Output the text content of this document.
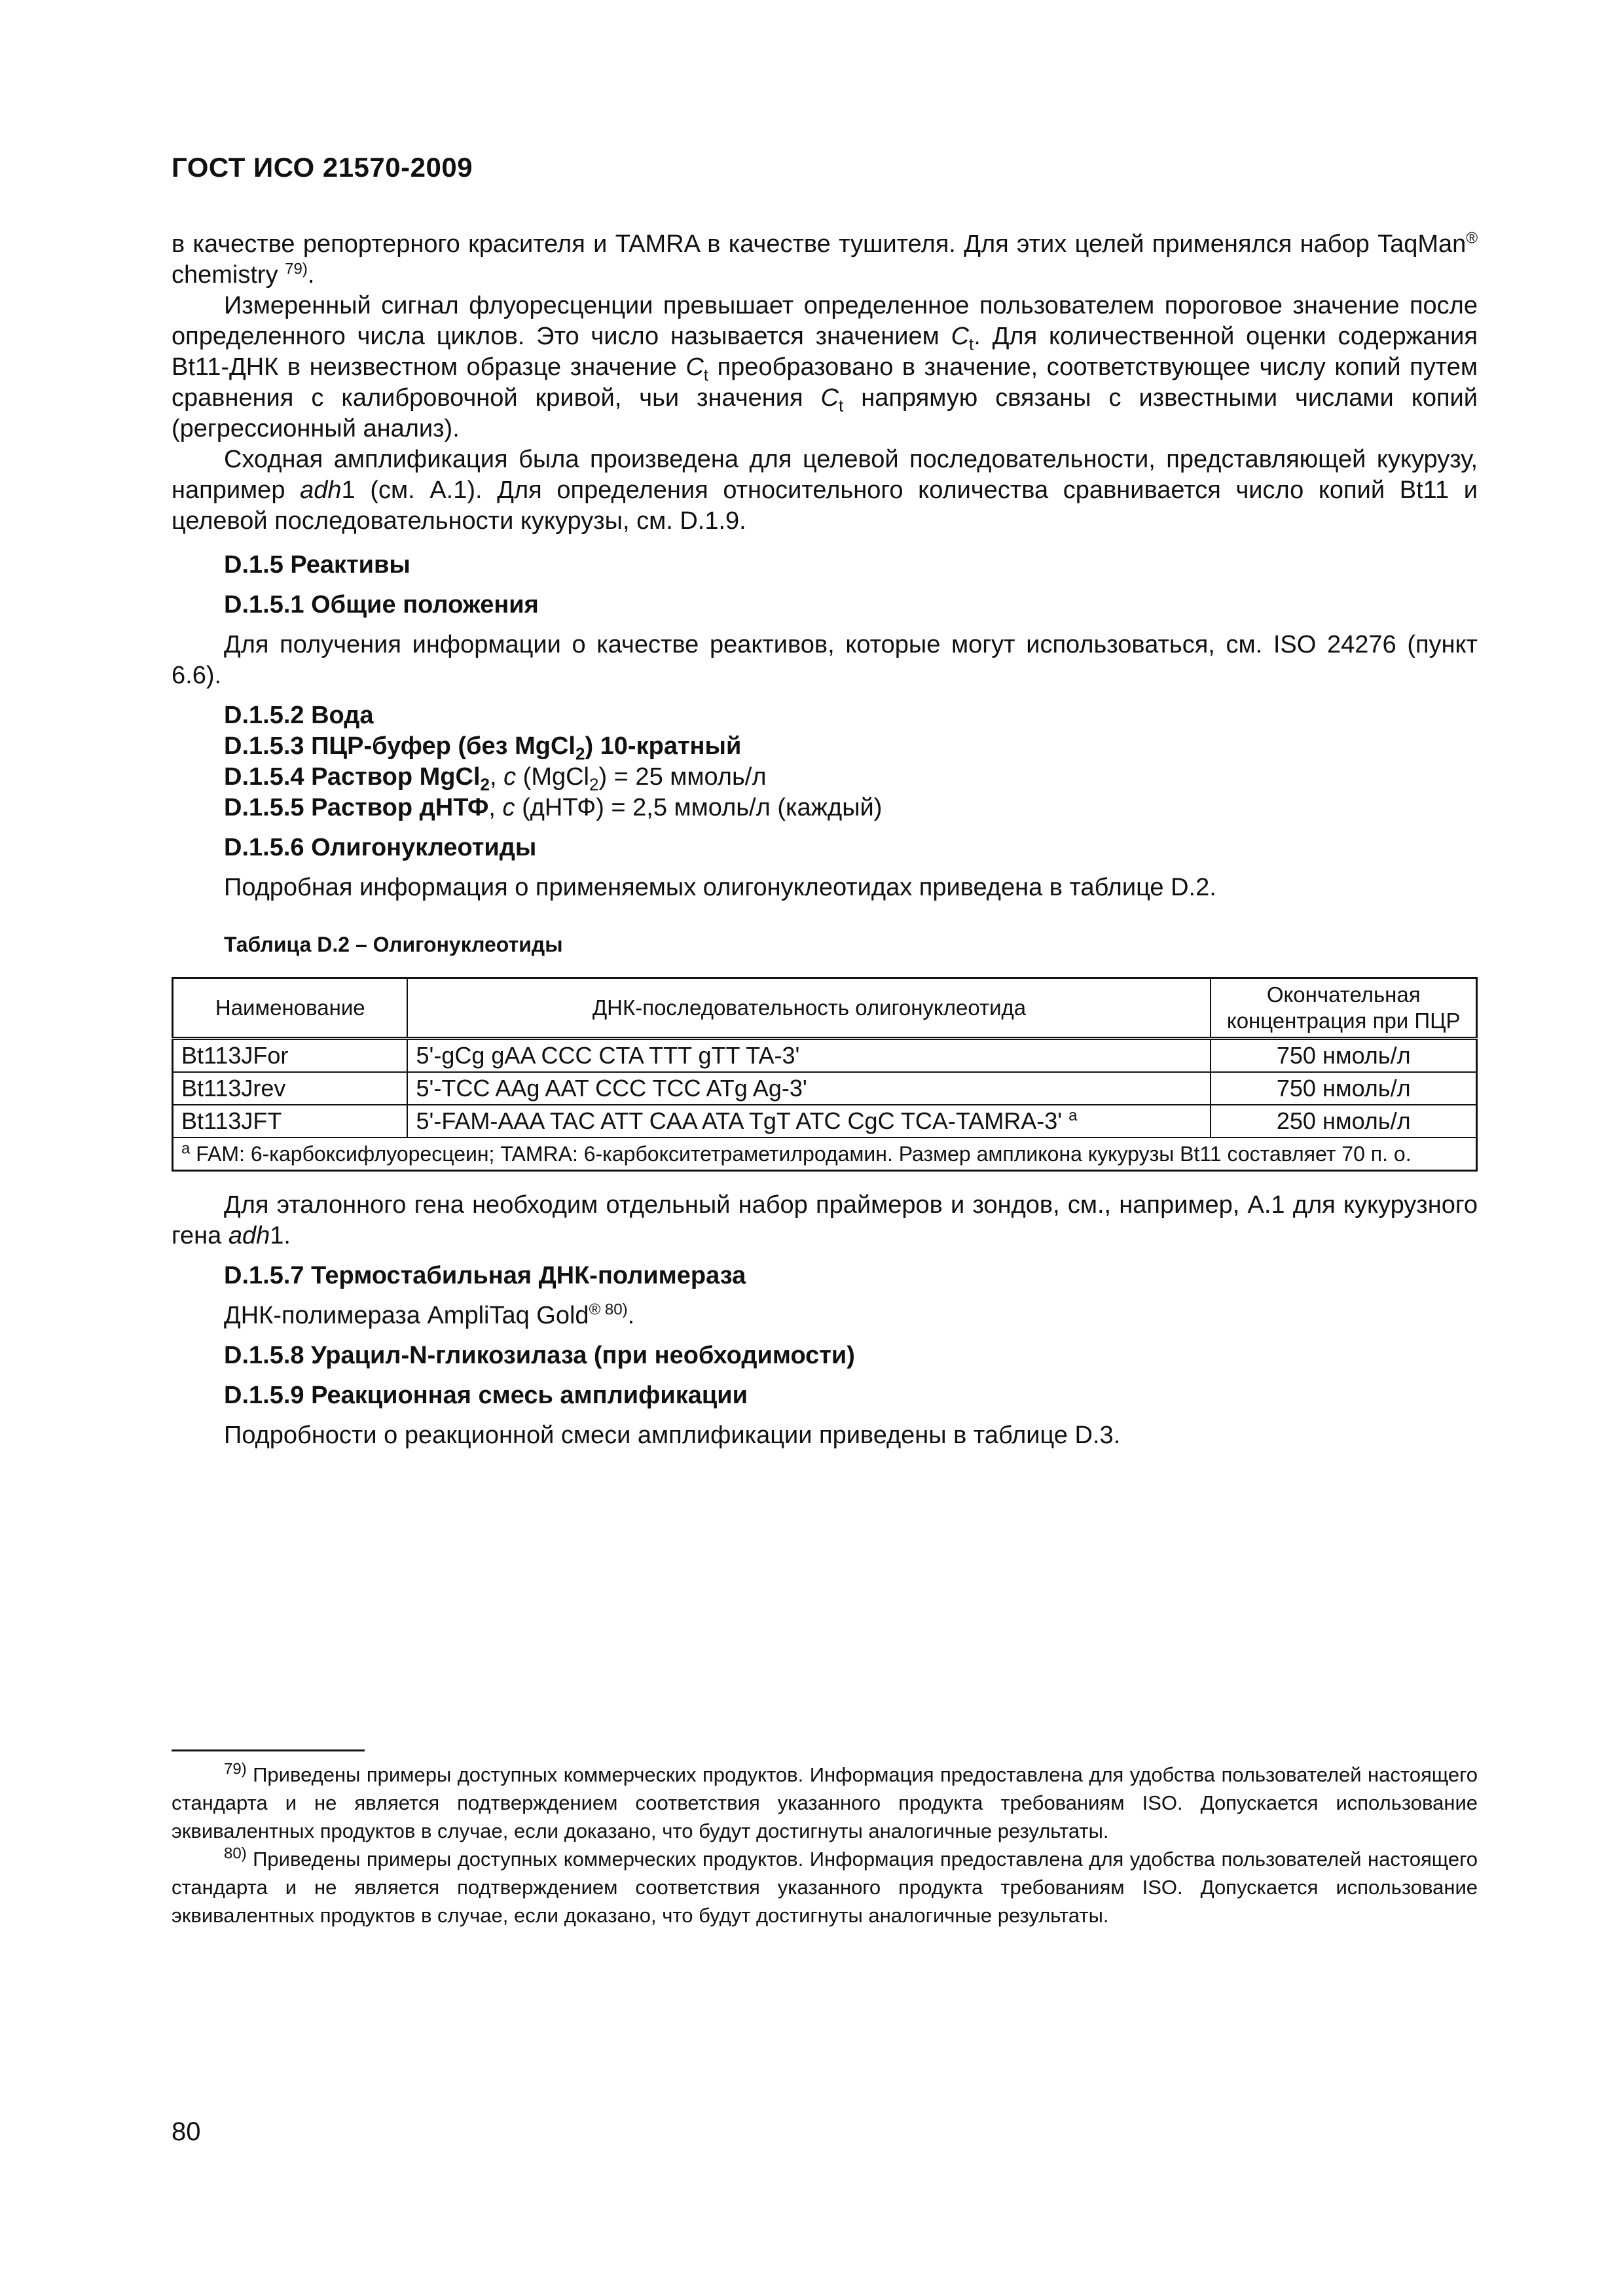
ГОСТ ИСО 21570-2009

в качестве репортерного красителя и TAMRA в качестве тушителя. Для этих целей применялся набор TaqMan® chemistry $^{79)}$.

Измеренный сигнал флуоресценции превышает определенное пользователем пороговое значение после определенного числа циклов. Это число называется значением $C_t$. Для количественной оценки содержания Bt11-ДНК в неизвестном образце значение $C_t$ преобразовано в значение, соответствующее числу копий путем сравнения с калибровочной кривой, чьи значения $C_t$ напрямую связаны с известными числами копий (регрессионный анализ).

Сходная амплификация была произведена для целевой последовательности, представляющей кукурузу, например adh1 (см. А.1). Для определения относительного количества сравнивается число копий Bt11 и целевой последовательности кукурузы, см. D.1.9.

D.1.5 Реактивы

D.1.5.1 Общие положения

Для получения информации о качестве реактивов, которые могут использоваться, см. ISO 24276 (пункт 6.6).

D.1.5.2 Вода

D.1.5.3 ПЦР-буфер (без MgCl$_2$) 10-кратный

D.1.5.4 Раствор MgCl$_2$, c (MgCl$_2$) = 25 ммоль/л

D.1.5.5 Раствор дНТФ, c (дНТФ) = 2,5 ммоль/л (каждый)

D.1.5.6 Олигонуклеотиды

Подробная информация о применяемых олигонуклеотидах приведена в таблице D.2.

Таблица D.2 – Олигонуклеотиды

Наименование	ДНК-последовательность олигонуклеотида	Окончательная концентрация при ПЦР
Bt113JFor	5'-gCg gAA CCC CTA TTT gTT TA-3'	750 нмоль/л
Bt113Jrev	5'-TCC AAg AAT CCC TCC ATg Ag-3'	750 нмоль/л
Bt113JFT	5'-FAM-AAA TAC ATT CAA ATA TgT ATC CgC TCA-TAMRA-3' $^a$	250 нмоль/л
$^a$ FAM: 6-карбоксифлуоресцеин; TAMRA: 6-карбокситетраметилродамин. Размер ампликона кукурузы Bt11 составляет 70 п. о.		

Для эталонного гена необходим отдельный набор праймеров и зондов, см., например, А.1 для кукурузного гена adh1.

D.1.5.7 Термостабильная ДНК-полимераза

ДНК-полимераза AmpliTaq Gold® $^{80)}$.

D.1.5.8 Урацил-N-гликозилаза (при необходимости)

D.1.5.9 Реакционная смесь амплификации

Подробности о реакционной смеси амплификации приведены в таблице D.3.

$^{79)}$ Приведены примеры доступных коммерческих продуктов. Информация предоставлена для удобства пользователей настоящего стандарта и не является подтверждением соответствия указанного продукта требованиям ISO. Допускается использование эквивалентных продуктов в случае, если доказано, что будут достигнуты аналогичные результаты.

$^{80)}$ Приведены примеры доступных коммерческих продуктов. Информация предоставлена для удобства пользователей настоящего стандарта и не является подтверждением соответствия указанного продукта требованиям ISO. Допускается использование эквивалентных продуктов в случае, если доказано, что будут достигнуты аналогичные результаты.

80
